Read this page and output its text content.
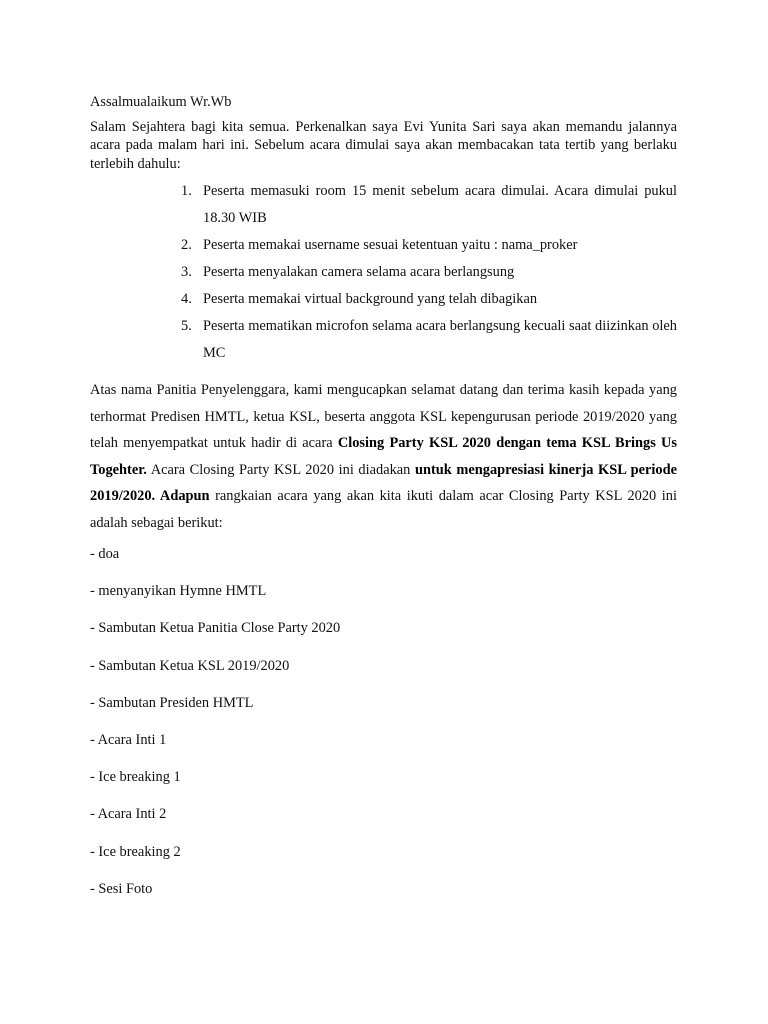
Assalmualaikum Wr.Wb

Salam Sejahtera bagi kita semua. Perkenalkan saya Evi Yunita Sari saya akan memandu jalannya acara pada malam hari ini. Sebelum acara dimulai saya akan membacakan tata tertib yang berlaku terlebih dahulu:

1. Peserta memasuki room 15 menit sebelum acara dimulai. Acara dimulai pukul 18.30 WIB
2. Peserta memakai username sesuai ketentuan yaitu : nama_proker
3. Peserta menyalakan camera selama acara berlangsung
4. Peserta memakai virtual background yang telah dibagikan
5. Peserta mematikan microfon selama acara berlangsung kecuali saat diizinkan oleh MC

Atas nama Panitia Penyelenggara, kami mengucapkan selamat datang dan terima kasih kepada yang terhormat Predisen HMTL, ketua KSL, beserta anggota KSL kepengurusan periode 2019/2020 yang telah menyempatkat untuk hadir di acara Closing Party KSL 2020 dengan tema KSL Brings Us Togehter. Acara Closing Party KSL 2020 ini diadakan untuk mengapresiasi kinerja KSL periode 2019/2020. Adapun rangkaian acara yang akan kita ikuti dalam acar Closing Party KSL 2020 ini adalah sebagai berikut:

- doa
- menyanyikan Hymne HMTL
- Sambutan Ketua Panitia Close Party 2020
- Sambutan Ketua KSL 2019/2020
- Sambutan Presiden HMTL
- Acara Inti 1
- Ice breaking 1
- Acara Inti 2
- Ice breaking 2
- Sesi Foto
